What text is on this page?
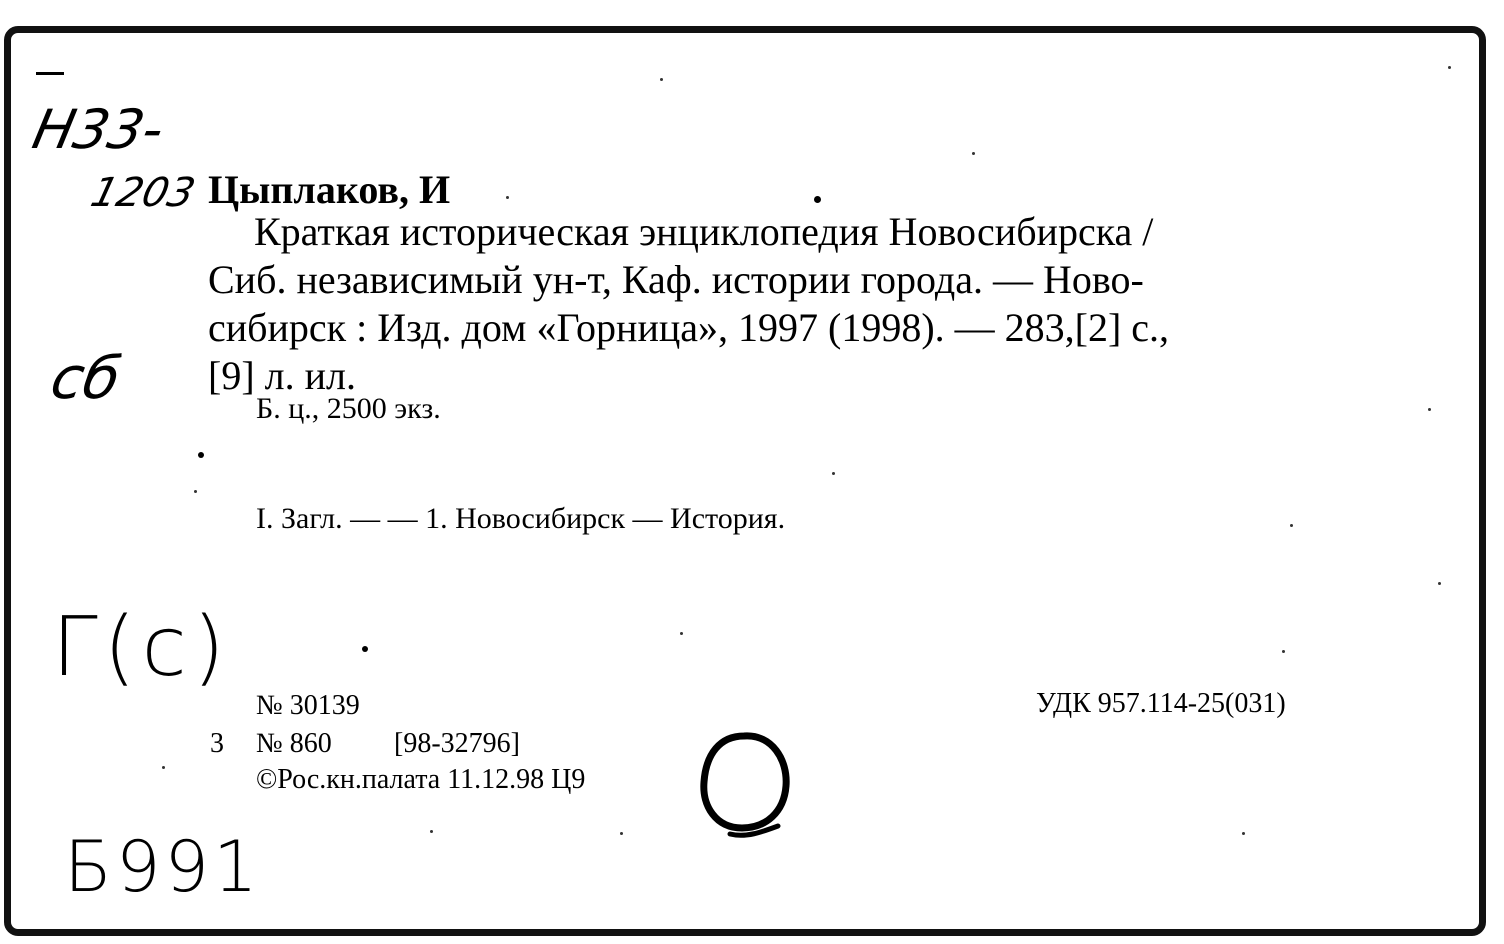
Н33-
1203
сб
Г(с)
Б991
Цыплаков, И
Краткая историческая энциклопедия Новосибирска /
Сиб. независимый ун-т, Каф. истории города. — Ново-
сибирск : Изд. дом «Горница», 1997 (1998). — 283,[2] с.,
[9] л. ил.
Б. ц., 2500 экз.
I. Загл. — — 1. Новосибирск — История.
№ 30139	УДК 957.114-25(031)
3 № 860 [98-32796]
©Рос.кн.палата 11.12.98 Ц9
